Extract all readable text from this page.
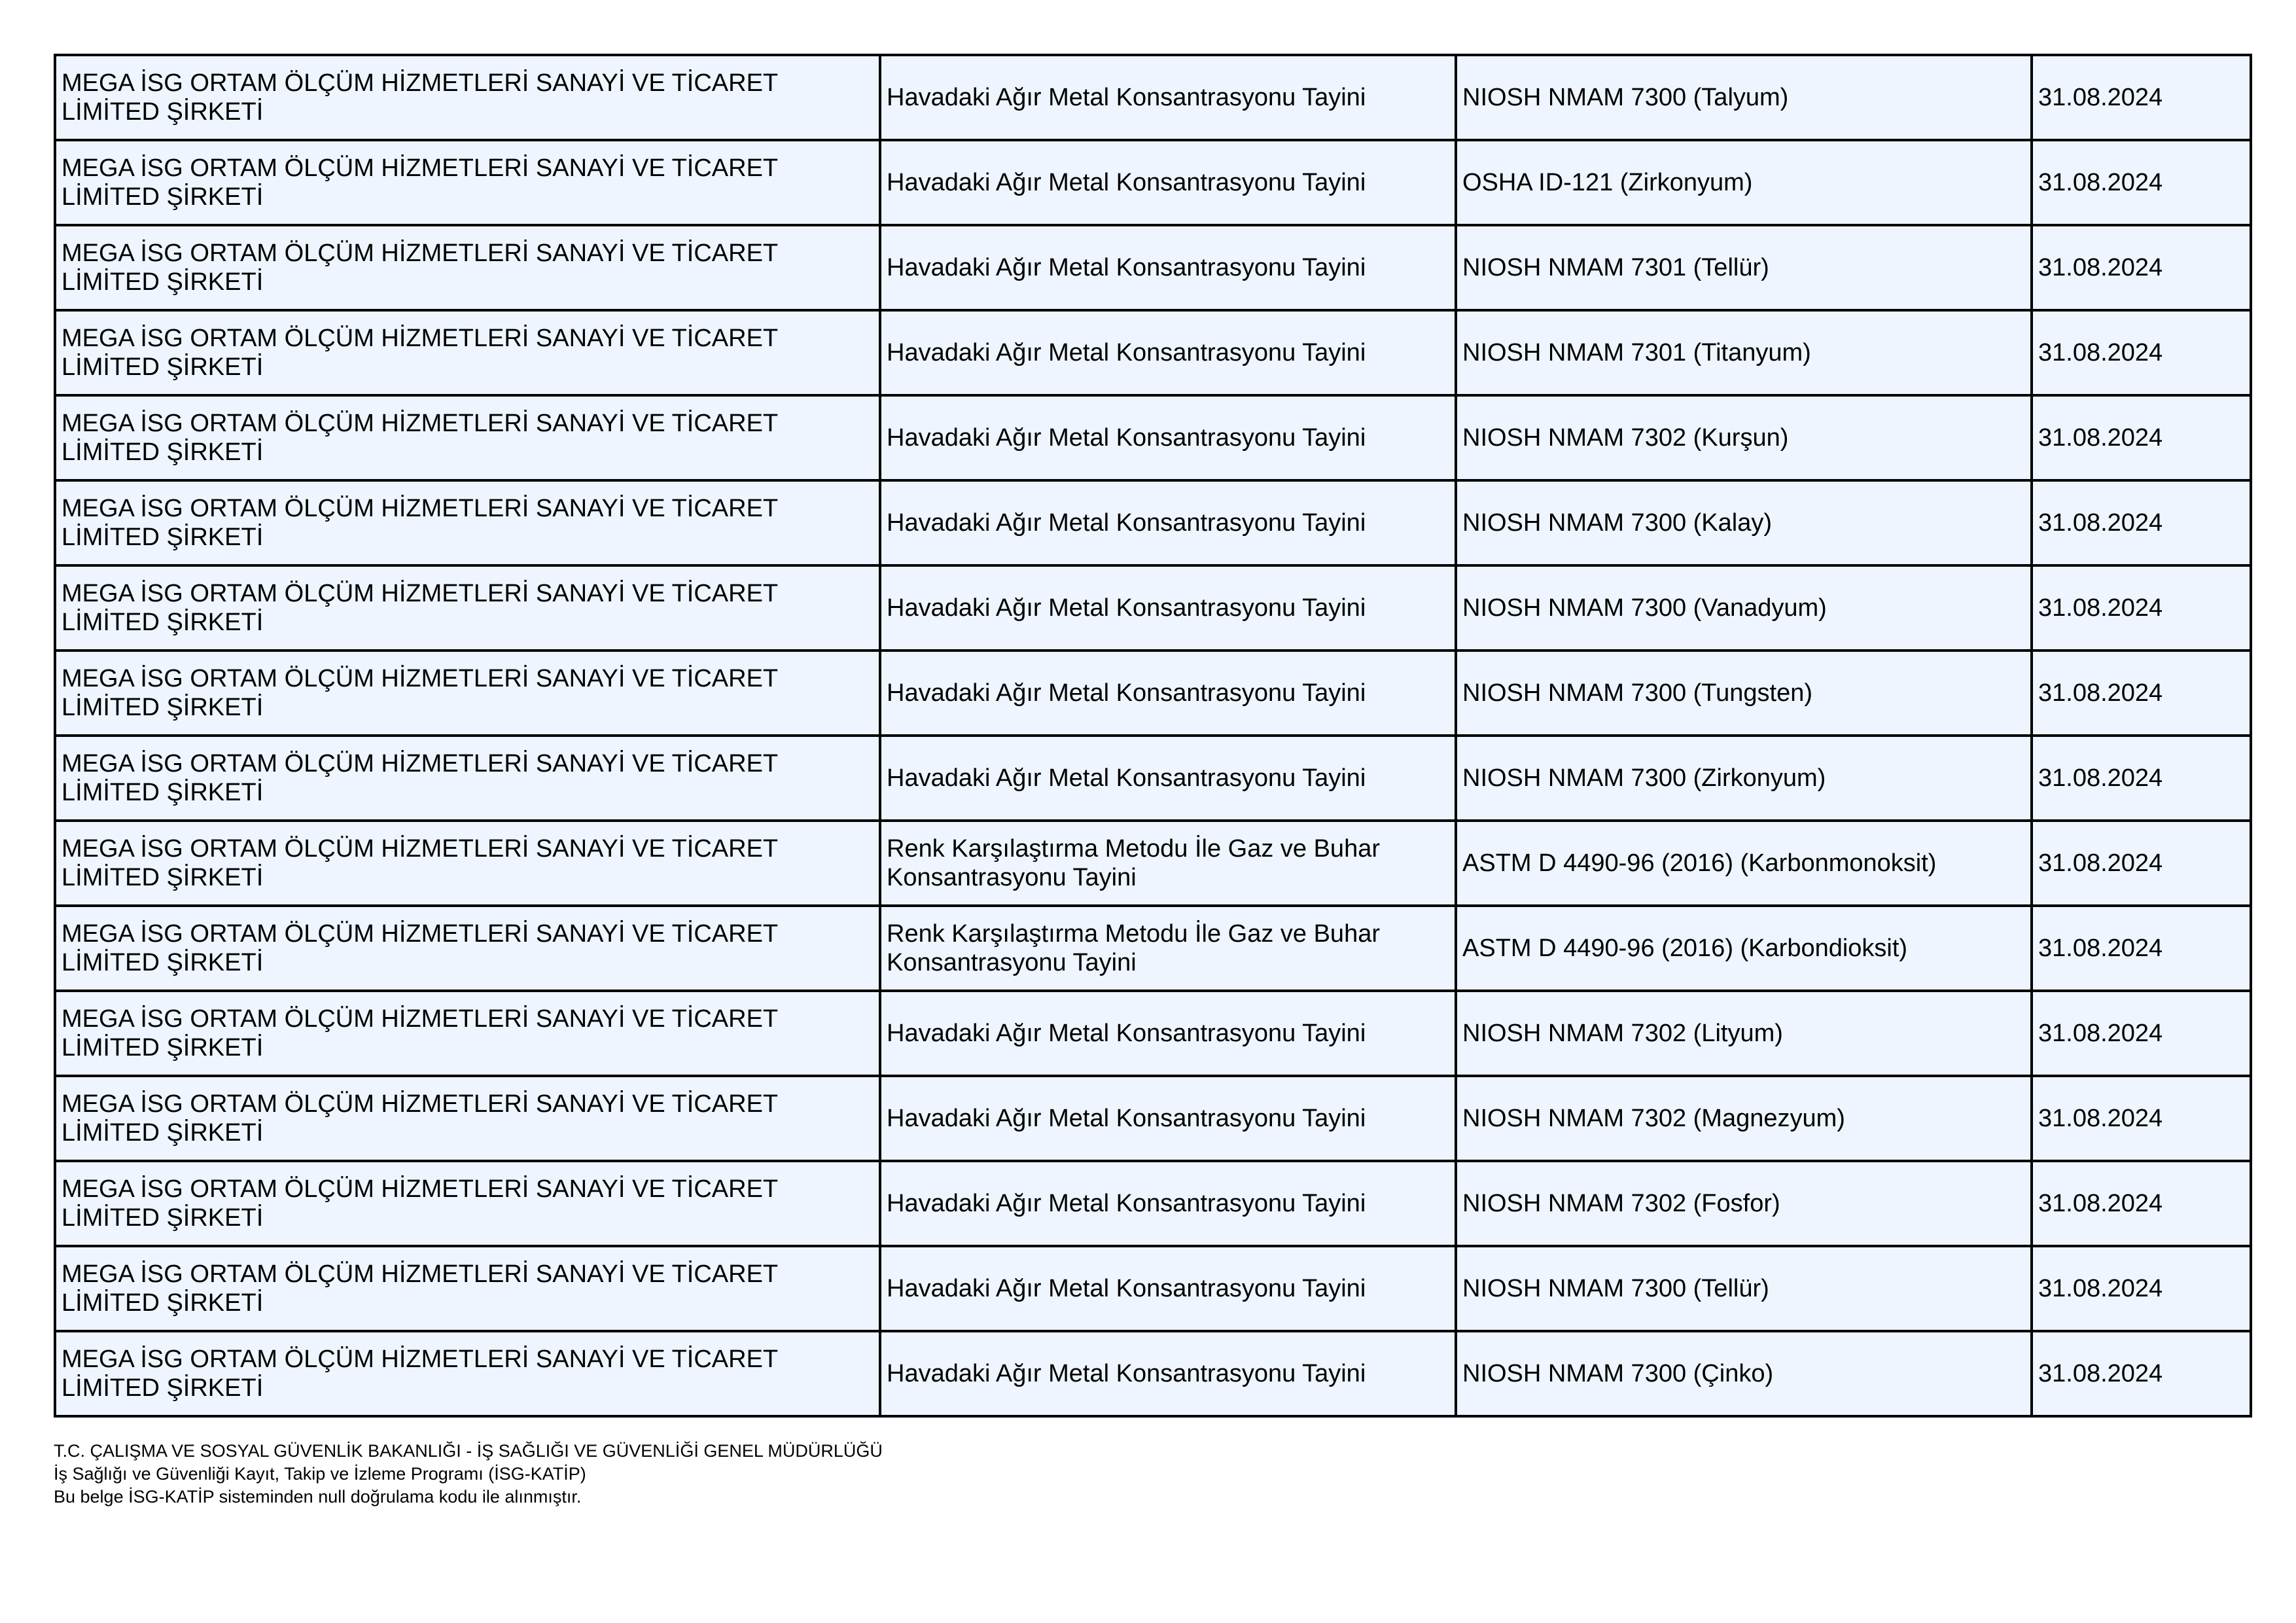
MEGA İSG ORTAM ÖLÇÜM HİZMETLERİ SANAYİ VE TİCARET LİMİTED ŞİRKETİ	Havadaki Ağır Metal Konsantrasyonu Tayini	NIOSH NMAM 7300 (Talyum)	31.08.2024
MEGA İSG ORTAM ÖLÇÜM HİZMETLERİ SANAYİ VE TİCARET LİMİTED ŞİRKETİ	Havadaki Ağır Metal Konsantrasyonu Tayini	OSHA ID-121 (Zirkonyum)	31.08.2024
MEGA İSG ORTAM ÖLÇÜM HİZMETLERİ SANAYİ VE TİCARET LİMİTED ŞİRKETİ	Havadaki Ağır Metal Konsantrasyonu Tayini	NIOSH NMAM 7301 (Tellür)	31.08.2024
MEGA İSG ORTAM ÖLÇÜM HİZMETLERİ SANAYİ VE TİCARET LİMİTED ŞİRKETİ	Havadaki Ağır Metal Konsantrasyonu Tayini	NIOSH NMAM 7301 (Titanyum)	31.08.2024
MEGA İSG ORTAM ÖLÇÜM HİZMETLERİ SANAYİ VE TİCARET LİMİTED ŞİRKETİ	Havadaki Ağır Metal Konsantrasyonu Tayini	NIOSH NMAM 7302 (Kurşun)	31.08.2024
MEGA İSG ORTAM ÖLÇÜM HİZMETLERİ SANAYİ VE TİCARET LİMİTED ŞİRKETİ	Havadaki Ağır Metal Konsantrasyonu Tayini	NIOSH NMAM 7300 (Kalay)	31.08.2024
MEGA İSG ORTAM ÖLÇÜM HİZMETLERİ SANAYİ VE TİCARET LİMİTED ŞİRKETİ	Havadaki Ağır Metal Konsantrasyonu Tayini	NIOSH NMAM 7300 (Vanadyum)	31.08.2024
MEGA İSG ORTAM ÖLÇÜM HİZMETLERİ SANAYİ VE TİCARET LİMİTED ŞİRKETİ	Havadaki Ağır Metal Konsantrasyonu Tayini	NIOSH NMAM 7300 (Tungsten)	31.08.2024
MEGA İSG ORTAM ÖLÇÜM HİZMETLERİ SANAYİ VE TİCARET LİMİTED ŞİRKETİ	Havadaki Ağır Metal Konsantrasyonu Tayini	NIOSH NMAM 7300 (Zirkonyum)	31.08.2024
MEGA İSG ORTAM ÖLÇÜM HİZMETLERİ SANAYİ VE TİCARET LİMİTED ŞİRKETİ	Renk Karşılaştırma Metodu İle Gaz ve Buhar Konsantrasyonu Tayini	ASTM D 4490-96 (2016) (Karbonmonoksit)	31.08.2024
MEGA İSG ORTAM ÖLÇÜM HİZMETLERİ SANAYİ VE TİCARET LİMİTED ŞİRKETİ	Renk Karşılaştırma Metodu İle Gaz ve Buhar Konsantrasyonu Tayini	ASTM D 4490-96 (2016) (Karbondioksit)	31.08.2024
MEGA İSG ORTAM ÖLÇÜM HİZMETLERİ SANAYİ VE TİCARET LİMİTED ŞİRKETİ	Havadaki Ağır Metal Konsantrasyonu Tayini	NIOSH NMAM 7302 (Lityum)	31.08.2024
MEGA İSG ORTAM ÖLÇÜM HİZMETLERİ SANAYİ VE TİCARET LİMİTED ŞİRKETİ	Havadaki Ağır Metal Konsantrasyonu Tayini	NIOSH NMAM 7302 (Magnezyum)	31.08.2024
MEGA İSG ORTAM ÖLÇÜM HİZMETLERİ SANAYİ VE TİCARET LİMİTED ŞİRKETİ	Havadaki Ağır Metal Konsantrasyonu Tayini	NIOSH NMAM 7302 (Fosfor)	31.08.2024
MEGA İSG ORTAM ÖLÇÜM HİZMETLERİ SANAYİ VE TİCARET LİMİTED ŞİRKETİ	Havadaki Ağır Metal Konsantrasyonu Tayini	NIOSH NMAM 7300 (Tellür)	31.08.2024
MEGA İSG ORTAM ÖLÇÜM HİZMETLERİ SANAYİ VE TİCARET LİMİTED ŞİRKETİ	Havadaki Ağır Metal Konsantrasyonu Tayini	NIOSH NMAM 7300 (Çinko)	31.08.2024
T.C. ÇALIŞMA VE SOSYAL GÜVENLİK BAKANLIĞI - İŞ SAĞLIĞI VE GÜVENLİĞİ GENEL MÜDÜRLÜĞÜ
İş Sağlığı ve Güvenliği Kayıt, Takip ve İzleme Programı (İSG-KATİP)
Bu belge İSG-KATİP sisteminden null doğrulama kodu ile alınmıştır.
